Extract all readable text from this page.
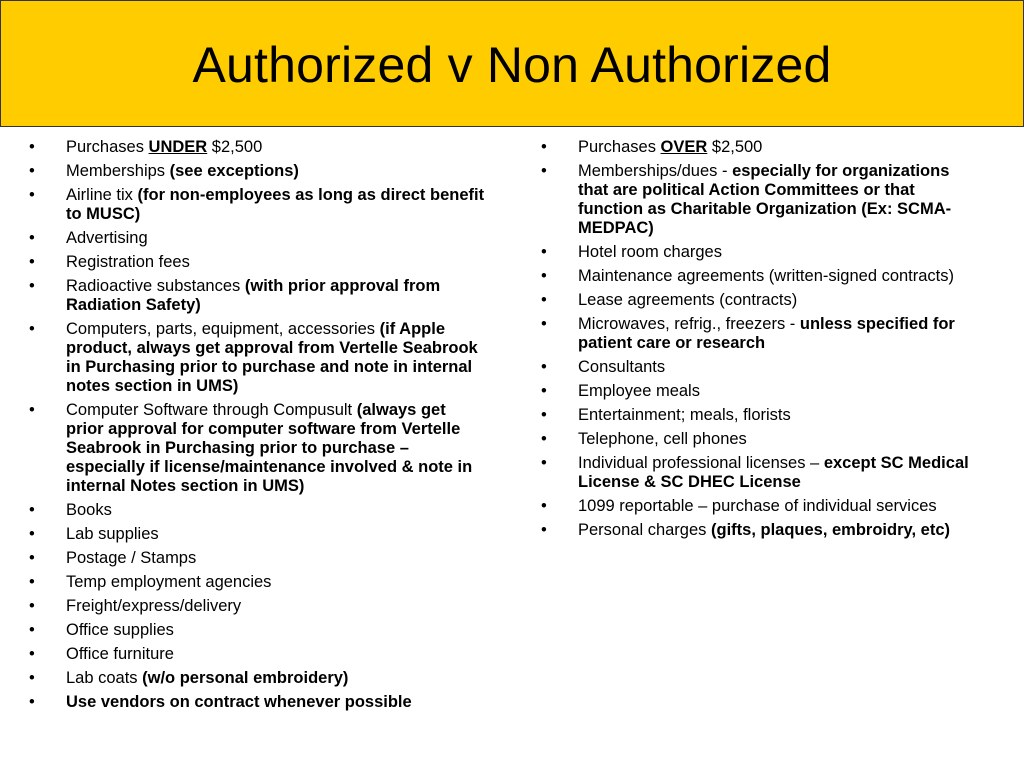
Authorized v Non Authorized
• Purchases UNDER $2,500
• Memberships (see exceptions)
• Airline tix (for non-employees as long as direct benefit to MUSC)
• Advertising
• Registration fees
• Radioactive substances (with prior approval from Radiation Safety)
• Computers, parts, equipment, accessories (if Apple product, always get approval from Vertelle Seabrook in Purchasing prior to purchase and note in internal notes section in UMS)
• Computer Software through Compusult (always get prior approval for computer software from Vertelle Seabrook in Purchasing prior to purchase – especially if license/maintenance involved & note in internal Notes section in UMS)
• Books
• Lab supplies
• Postage / Stamps
• Temp employment agencies
• Freight/express/delivery
• Office supplies
• Office furniture
• Lab coats (w/o personal embroidery)
• Use vendors on contract whenever possible
• Purchases OVER $2,500
• Memberships/dues - especially for organizations that are political Action Committees or that function as Charitable Organization (Ex: SCMA-MEDPAC)
• Hotel room charges
• Maintenance agreements (written-signed contracts)
• Lease agreements (contracts)
• Microwaves, refrig., freezers - unless specified for patient care or research
• Consultants
• Employee meals
• Entertainment; meals, florists
• Telephone, cell phones
• Individual professional licenses – except SC Medical License & SC DHEC License
• 1099 reportable – purchase of individual services
• Personal charges (gifts, plaques, embroidry, etc)
